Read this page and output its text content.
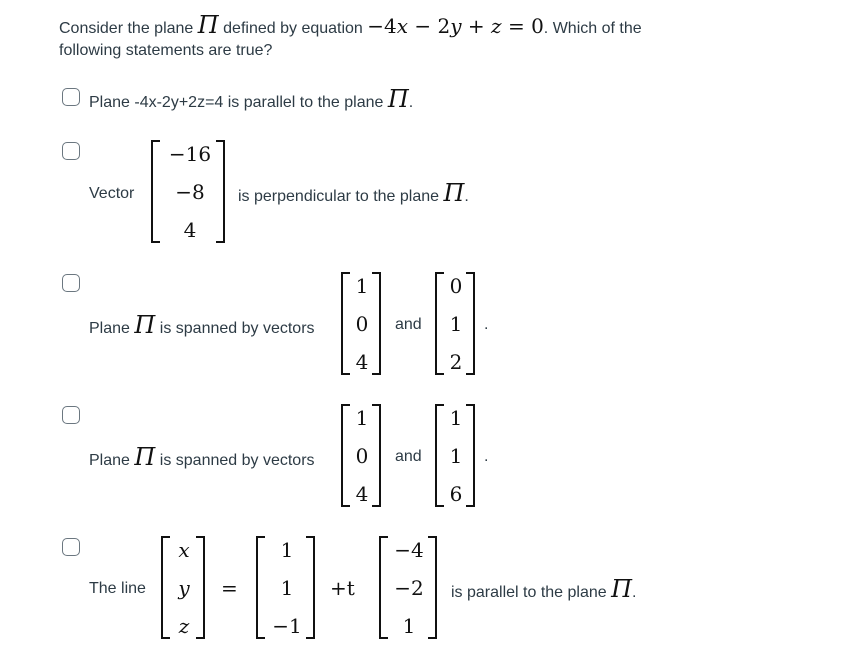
Consider the plane Π defined by equation −4x − 2y + z = 0. Which of the
following statements are true?
Plane -4x-2y+2z=4 is parallel to the plane Π.
Vector
−16
−8
4
is perpendicular to the plane Π.
Plane Π is spanned by vectors
1
0
4
and
0
1
2
.
Plane Π is spanned by vectors
1
0
4
and
1
1
6
.
The line
x
y
z
=
1
1
−1
+t
−4
−2
1
is parallel to the plane Π.
